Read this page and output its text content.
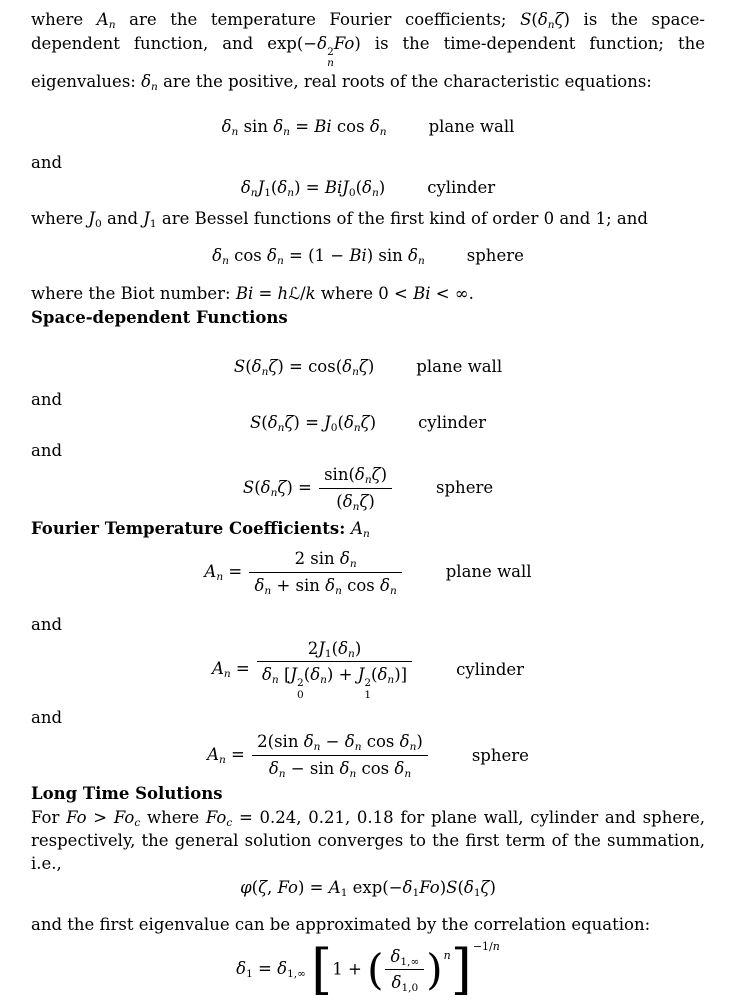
where $A_n$ are the temperature Fourier coefficients; $S(\delta_n\zeta)$ is the space-dependent function, and exp(−δ 2
n
Fo) is the time-dependent function; the eigenvalues: $\delta_n$ are the positive, real roots of the characteristic equations:

$\delta_n$ $\sin \delta_n = Bi$ $\cos \delta_n$	plane wall

and

$\delta_nJ_1(\delta_n) = BiJ_0(\delta_n)$	cylinder

where $J_0$ and $J_1$ are Bessel functions of the first kind of order 0 and 1; and

$\delta_n$ $\cos \delta_n = (1 - Bi)$ $\sin \delta_n$	sphere

where the Biot number: Bi = hℒ/k where 0 < Bi < ∞.

Space-dependent Functions

$S(\delta_n\zeta) = \cos(\delta_n\zeta)$	plane wall

and

$S(\delta_n\zeta) = J_0(\delta_n\zeta)$	cylinder

and

$S(\delta_n\zeta) = \frac{\sin(\delta_n\zeta)}{(\delta_n\zeta)}$	sphere

Fourier Temperature Coefficients: $A_n$

$A_n = \frac{2 \sin \delta_n}{\delta_n + \sin \delta_n \cos \delta_n}$	plane wall

and

$A_n = 2J_1(\delta_n)$
$\delta_n$ [J 2
0
$(\delta_n) + J$ 2
1
$(\delta_n)$]	cylinder

and

$A_n = \frac{2(\sin \delta_n - \delta_n \cos \delta_n)}{\delta_n - \sin \delta_n \cos \delta_n}$	sphere

Long Time Solutions

For $Fo > Fo_c$ where $Fo_c = 0.24$, 0.21, 0.18 for plane wall, cylinder and sphere, respectively, the general solution converges to the first term of the summation, i.e.,

φ(ζ, $Fo) = A_1$ $\exp(-\delta_1Fo)S(\delta_1\zeta)$

and the first eigenvalue can be approximated by the correlation equation:

$\delta_1 = \delta_{1,\infty}$ [1 + ( $\frac{\delta_{1,\infty}}{\delta_{1,0}} )^n]^{-1/n}$
